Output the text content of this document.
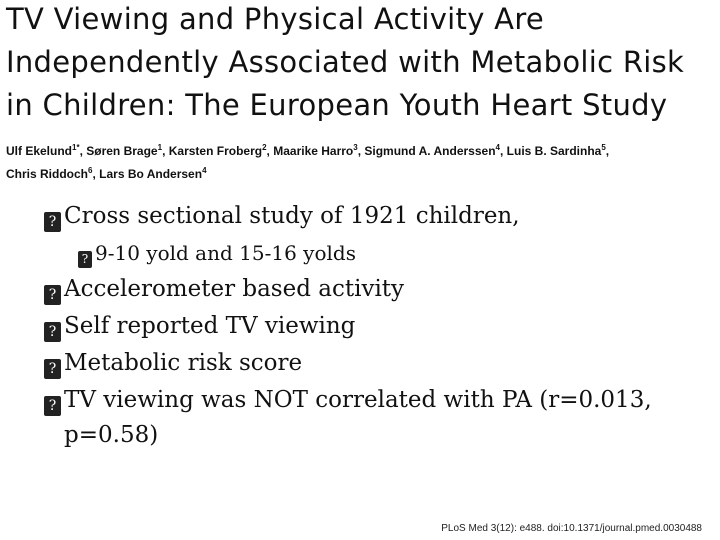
TV Viewing and Physical Activity Are
Independently Associated with Metabolic Risk
in Children: The European Youth Heart Study
Ulf Ekelund$^{1*}$, Søren Brage$^1$, Karsten Froberg$^2$, Maarike Harro$^3$, Sigmund A. Anderssen$^4$, Luis B. Sardinha$^5$,
Chris Riddoch$^6$, Lars Bo Andersen$^4$
? Cross sectional study of 1921 children,
? 9-10 yold and 15-16 yolds
? Accelerometer based activity
? Self reported TV viewing
? Metabolic risk score
? TV viewing was NOT correlated with PA (r=0.013,
p=0.58)
PLoS Med 3(12): e488. doi:10.1371/journal.pmed.0030488
